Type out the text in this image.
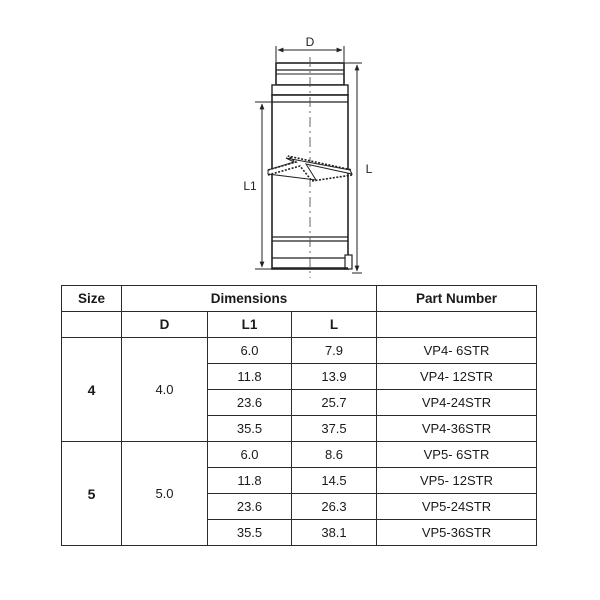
D
L1
L
Size	Dimensions			Part Number
	D	L1	L	
4	4.0	6.0	7.9	VP4- 6STR
		11.8	13.9	VP4- 12STR
		23.6	25.7	VP4-24STR
		35.5	37.5	VP4-36STR
5	5.0	6.0	8.6	VP5- 6STR
		11.8	14.5	VP5- 12STR
		23.6	26.3	VP5-24STR
		35.5	38.1	VP5-36STR
